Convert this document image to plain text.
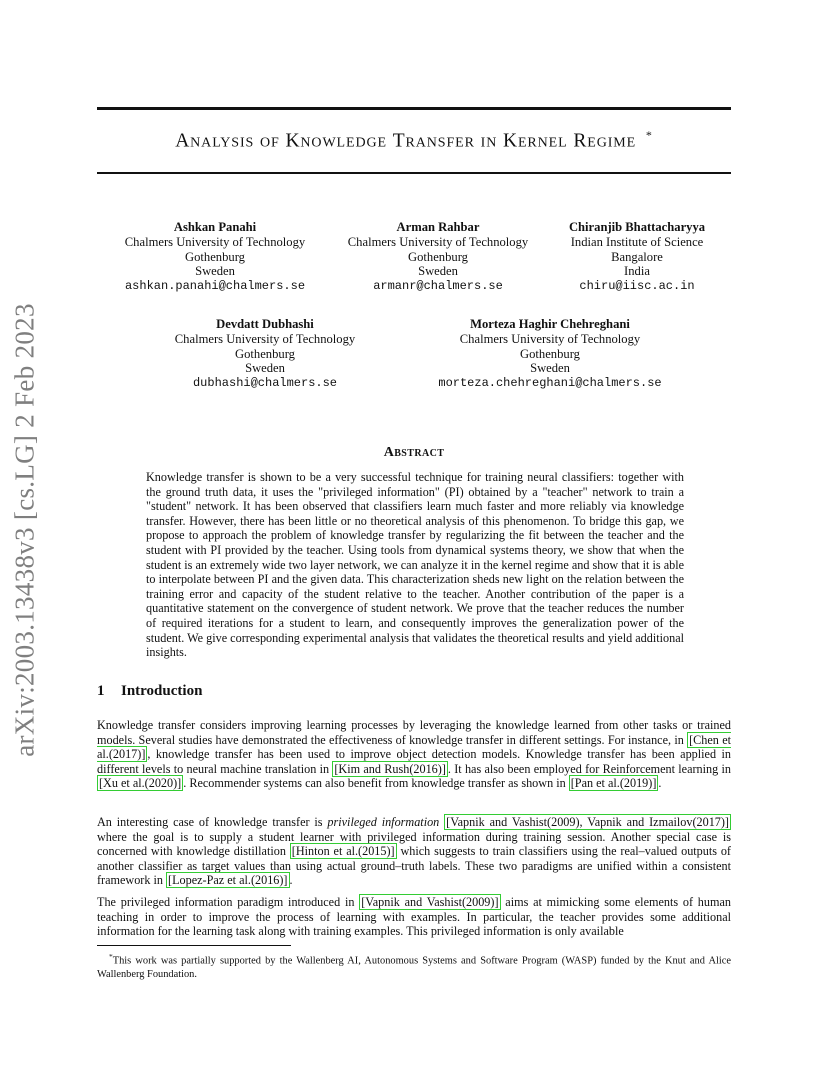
arXiv:2003.13438v3 [cs.LG] 2 Feb 2023
Analysis of Knowledge Transfer in Kernel Regime *
Ashkan Panahi
Chalmers University of Technology
Gothenburg
Sweden
ashkan.panahi@chalmers.se
Arman Rahbar
Chalmers University of Technology
Gothenburg
Sweden
armanr@chalmers.se
Chiranjib Bhattacharyya
Indian Institute of Science
Bangalore
India
chiru@iisc.ac.in
Devdatt Dubhashi
Chalmers University of Technology
Gothenburg
Sweden
dubhashi@chalmers.se
Morteza Haghir Chehreghani
Chalmers University of Technology
Gothenburg
Sweden
morteza.chehreghani@chalmers.se
Abstract
Knowledge transfer is shown to be a very successful technique for training neural classifiers: together with the ground truth data, it uses the "privileged information" (PI) obtained by a "teacher" network to train a "student" network. It has been observed that classifiers learn much faster and more reliably via knowledge transfer. However, there has been little or no theoretical analysis of this phenomenon. To bridge this gap, we propose to approach the problem of knowledge transfer by regularizing the fit between the teacher and the student with PI provided by the teacher. Using tools from dynamical systems theory, we show that when the student is an extremely wide two layer network, we can analyze it in the kernel regime and show that it is able to interpolate between PI and the given data. This characterization sheds new light on the relation between the training error and capacity of the student relative to the teacher. Another contribution of the paper is a quantitative statement on the convergence of student network. We prove that the teacher reduces the number of required iterations for a student to learn, and consequently improves the generalization power of the student. We give corresponding experimental analysis that validates the theoretical results and yield additional insights.
1 Introduction
Knowledge transfer considers improving learning processes by leveraging the knowledge learned from other tasks or trained models. Several studies have demonstrated the effectiveness of knowledge transfer in different settings. For instance, in [Chen et al.(2017)] , knowledge transfer has been used to improve object detection models. Knowledge transfer has been applied in different levels to neural machine translation in [Kim and Rush(2016)] . It has also been employed for Reinforcement learning in [Xu et al.(2020)] . Recommender systems can also benefit from knowledge transfer as shown in [Pan et al.(2019)] .
An interesting case of knowledge transfer is privileged information [Vapnik and Vashist(2009), Vapnik and Izmailov(2017)] where the goal is to supply a student learner with privileged information during training session. Another special case is concerned with knowledge distillation [Hinton et al.(2015)] which suggests to train classifiers using the real–valued outputs of another classifier as target values than using actual ground–truth labels. These two paradigms are unified within a consistent framework in [Lopez-Paz et al.(2016)] .
The privileged information paradigm introduced in [Vapnik and Vashist(2009)] aims at mimicking some elements of human teaching in order to improve the process of learning with examples. In particular, the teacher provides some additional information for the learning task along with training examples. This privileged information is only available
*This work was partially supported by the Wallenberg AI, Autonomous Systems and Software Program (WASP) funded by the Knut and Alice Wallenberg Foundation.
